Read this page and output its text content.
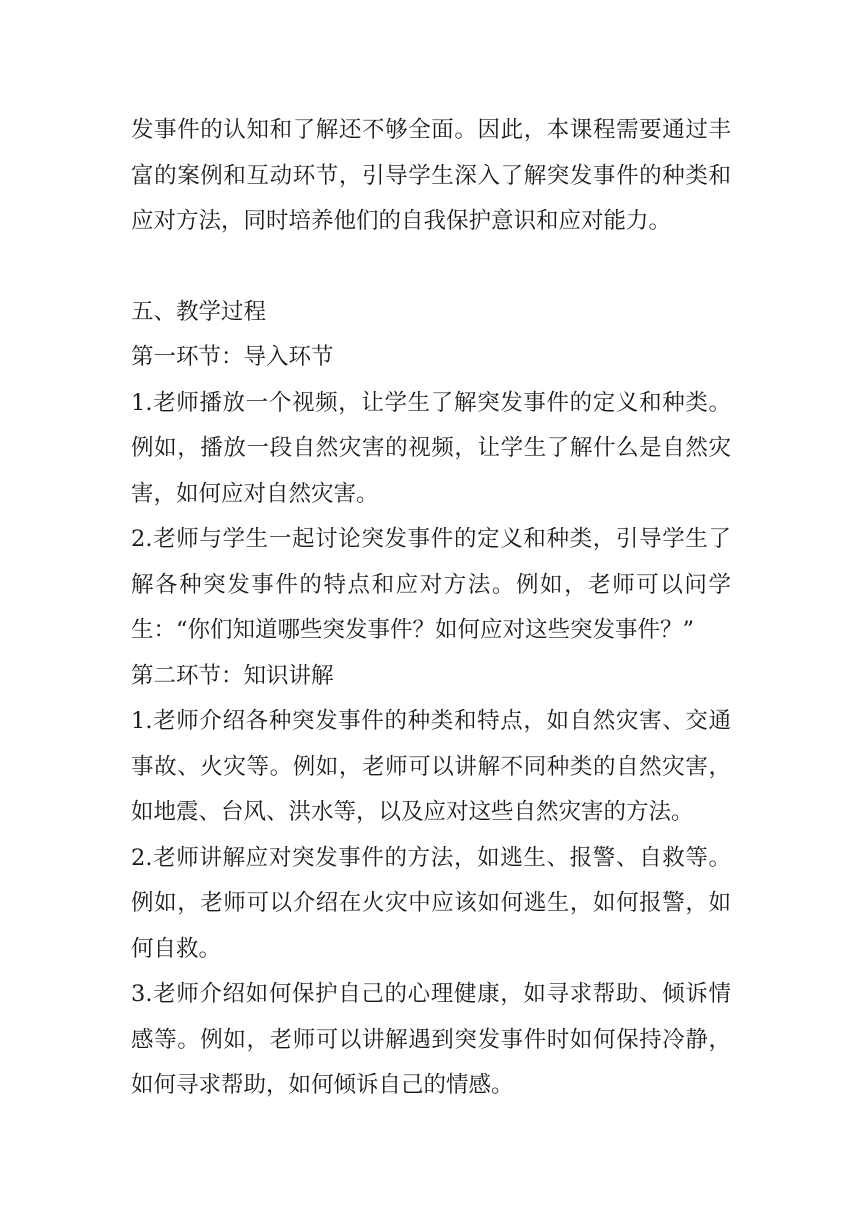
发事件的认知和了解还不够全面。因此，本课程需要通过丰富的案例和互动环节，引导学生深入了解突发事件的种类和应对方法，同时培养他们的自我保护意识和应对能力。

五、教学过程

第一环节：导入环节

1.老师播放一个视频，让学生了解突发事件的定义和种类。例如，播放一段自然灾害的视频，让学生了解什么是自然灾害，如何应对自然灾害。

2.老师与学生一起讨论突发事件的定义和种类，引导学生了解各种突发事件的特点和应对方法。例如，老师可以问学生：“你们知道哪些突发事件？如何应对这些突发事件？”

第二环节：知识讲解

1.老师介绍各种突发事件的种类和特点，如自然灾害、交通事故、火灾等。例如，老师可以讲解不同种类的自然灾害，如地震、台风、洪水等，以及应对这些自然灾害的方法。

2.老师讲解应对突发事件的方法，如逃生、报警、自救等。例如，老师可以介绍在火灾中应该如何逃生，如何报警，如何自救。

3.老师介绍如何保护自己的心理健康，如寻求帮助、倾诉情感等。例如，老师可以讲解遇到突发事件时如何保持冷静，如何寻求帮助，如何倾诉自己的情感。
